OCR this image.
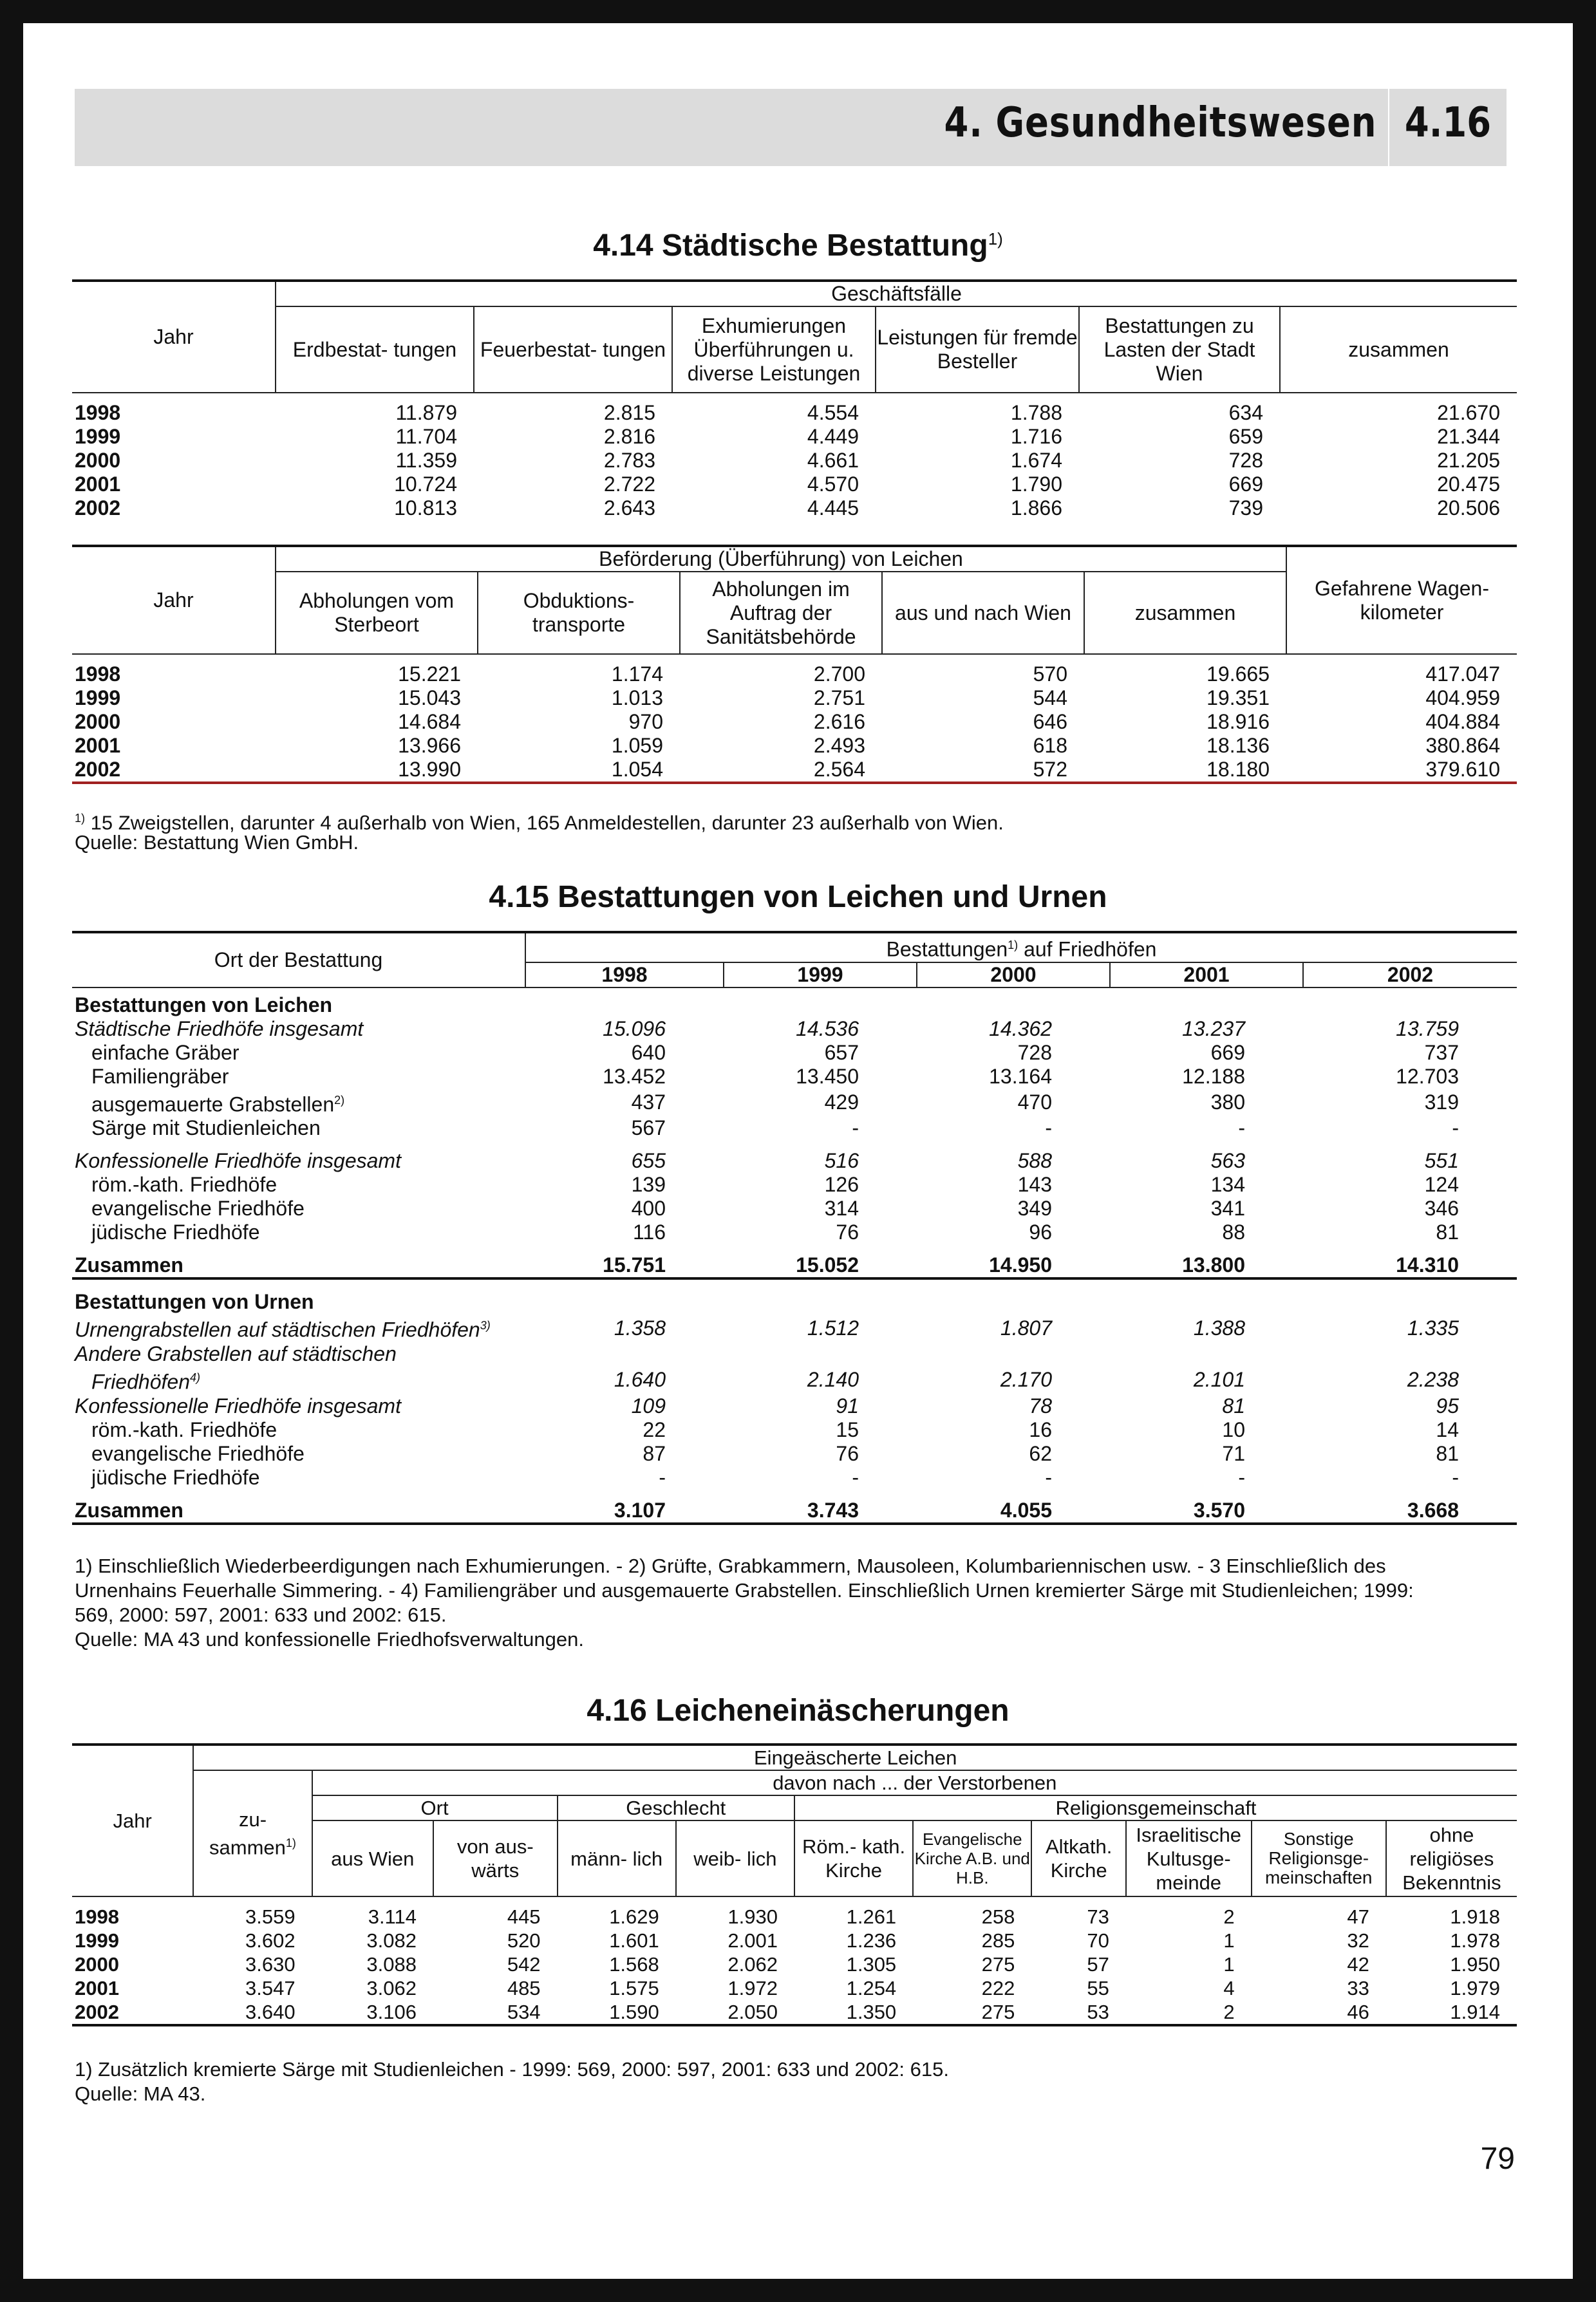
4. Gesundheitswesen 4.16
4.14 Städtische Bestattung$^{1)}$
Jahr	Geschäftsfälle					
	Erdbestat- tungen	Feuerbestat- tungen	Exhumierungen Überführungen u. diverse Leistungen	Leistungen für fremde Besteller	Bestattungen zu Lasten der Stadt Wien	zusammen
1998	11.879	2.815	4.554	1.788	634	21.670
1999	11.704	2.816	4.449	1.716	659	21.344
2000	11.359	2.783	4.661	1.674	728	21.205
2001	10.724	2.722	4.570	1.790	669	20.475
2002	10.813	2.643	4.445	1.866	739	20.506
Jahr	Beförderung (Überführung) von Leichen					Gefahrene Wagen- kilometer
	Abholungen vom Sterbeort	Obduktions- transporte	Abholungen im Auftrag der Sanitätsbehörde	aus und nach Wien	zusammen	
1998	15.221	1.174	2.700	570	19.665	417.047
1999	15.043	1.013	2.751	544	19.351	404.959
2000	14.684	970	2.616	646	18.916	404.884
2001	13.966	1.059	2.493	618	18.136	380.864
2002	13.990	1.054	2.564	572	18.180	379.610
$^{1)}$ 15 Zweigstellen, darunter 4 außerhalb von Wien, 165 Anmeldestellen, darunter 23 außerhalb von Wien.
Quelle: Bestattung Wien GmbH.
4.15 Bestattungen von Leichen und Urnen
Ort der Bestattung	Bestattungen$^{1)}$ auf Friedhöfen				
	1998	1999	2000	2001	2002
Bestattungen von Leichen					
Städtische Friedhöfe insgesamt	15.096	14.536	14.362	13.237	13.759
einfache Gräber	640	657	728	669	737
Familiengräber	13.452	13.450	13.164	12.188	12.703
ausgemauerte Grabstellen$^{2)}$	437	429	470	380	319
Särge mit Studienleichen	567	-	-	-	-
Konfessionelle Friedhöfe insgesamt	655	516	588	563	551
röm.-kath. Friedhöfe	139	126	143	134	124
evangelische Friedhöfe	400	314	349	341	346
jüdische Friedhöfe	116	76	96	88	81
Zusammen	15.751	15.052	14.950	13.800	14.310
Bestattungen von Urnen					
Urnengrabstellen auf städtischen Friedhöfen$^{3)}$	1.358	1.512	1.807	1.388	1.335
Andere Grabstellen auf städtischen					
Friedhöfen$^{4)}$	1.640	2.140	2.170	2.101	2.238
Konfessionelle Friedhöfe insgesamt	109	91	78	81	95
röm.-kath. Friedhöfe	22	15	16	10	14
evangelische Friedhöfe	87	76	62	71	81
jüdische Friedhöfe	-	-	-	-	-
Zusammen	3.107	3.743	4.055	3.570	3.668
1) Einschließlich Wiederbeerdigungen nach Exhumierungen. - 2) Grüfte, Grabkammern, Mausoleen, Kolumbariennischen usw. - 3 Einschließlich des
Urnenhains Feuerhalle Simmering. - 4) Familiengräber und ausgemauerte Grabstellen. Einschließlich Urnen kremierter Särge mit Studienleichen; 1999:
569, 2000: 597, 2001: 633 und 2002: 615.
Quelle: MA 43 und konfessionelle Friedhofsverwaltungen.
4.16 Leicheneinäscherungen
Jahr	Eingeäscherte Leichen										
	zu- sammen$^{1)}$	davon nach ... der Verstorbenen									
		Ort		Geschlecht		Religionsgemeinschaft					
		aus Wien	von aus- wärts	männ- lich	weib- lich	Röm.- kath. Kirche	Evangelische Kirche A.B. und H.B.	Altkath. Kirche	Israelitische Kultusge- meinde	Sonstige Religionsge- meinschaften	ohne religiöses Bekenntnis
1998	3.559	3.114	445	1.629	1.930	1.261	258	73	2	47	1.918
1999	3.602	3.082	520	1.601	2.001	1.236	285	70	1	32	1.978
2000	3.630	3.088	542	1.568	2.062	1.305	275	57	1	42	1.950
2001	3.547	3.062	485	1.575	1.972	1.254	222	55	4	33	1.979
2002	3.640	3.106	534	1.590	2.050	1.350	275	53	2	46	1.914
1) Zusätzlich kremierte Särge mit Studienleichen - 1999: 569, 2000: 597, 2001: 633 und 2002: 615.
Quelle: MA 43.
79
